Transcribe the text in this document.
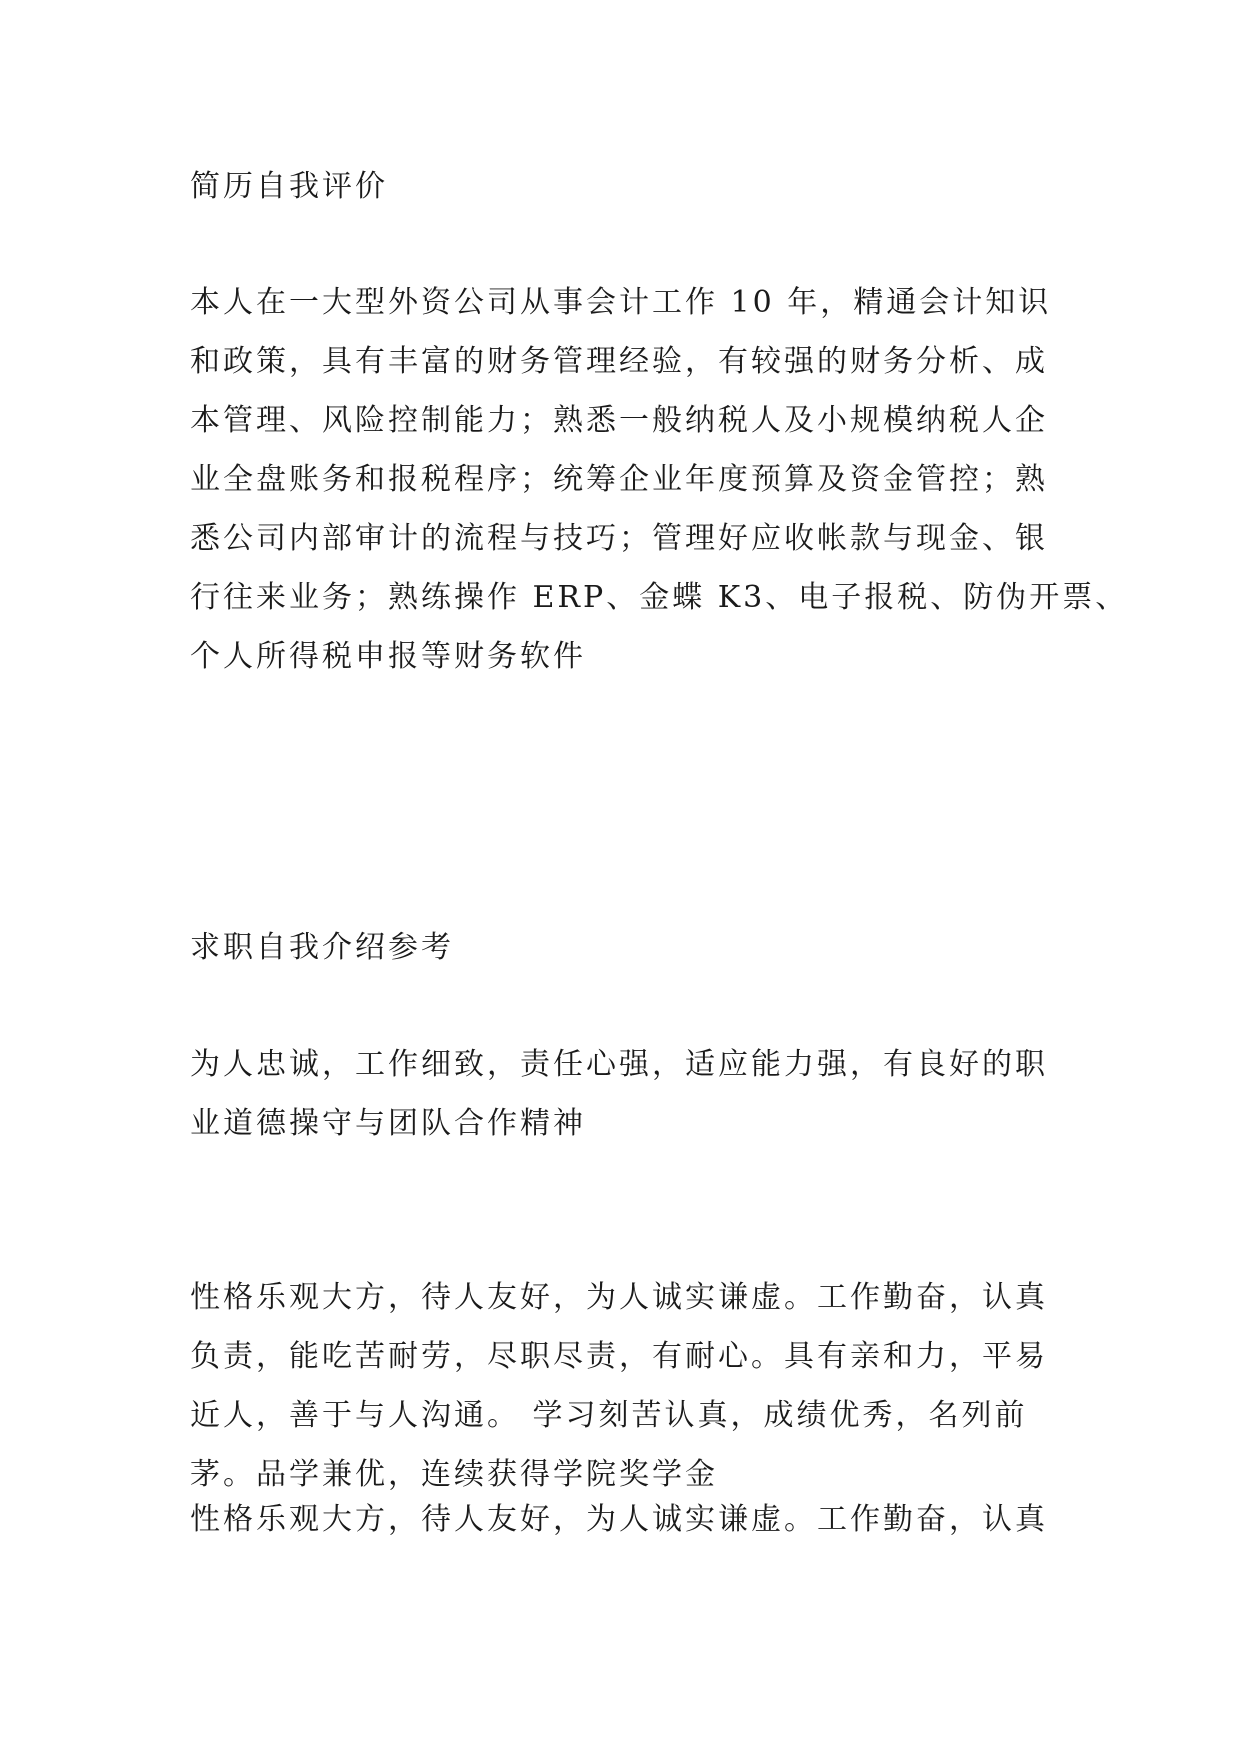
简历自我评价
本人在一大型外资公司从事会计工作 10 年，精通会计知识
和政策，具有丰富的财务管理经验，有较强的财务分析、成
本管理、风险控制能力；熟悉一般纳税人及小规模纳税人企
业全盘账务和报税程序；统筹企业年度预算及资金管控；熟
悉公司内部审计的流程与技巧；管理好应收帐款与现金、银
行往来业务；熟练操作 ERP、金蝶 K3、电子报税、防伪开票、
个人所得税申报等财务软件
求职自我介绍参考
为人忠诚，工作细致，责任心强，适应能力强，有良好的职
业道德操守与团队合作精神
性格乐观大方，待人友好，为人诚实谦虚。工作勤奋，认真
负责，能吃苦耐劳，尽职尽责，有耐心。具有亲和力，平易
近人，善于与人沟通。 学习刻苦认真，成绩优秀，名列前
茅。品学兼优，连续获得学院奖学金
性格乐观大方，待人友好，为人诚实谦虚。工作勤奋，认真
